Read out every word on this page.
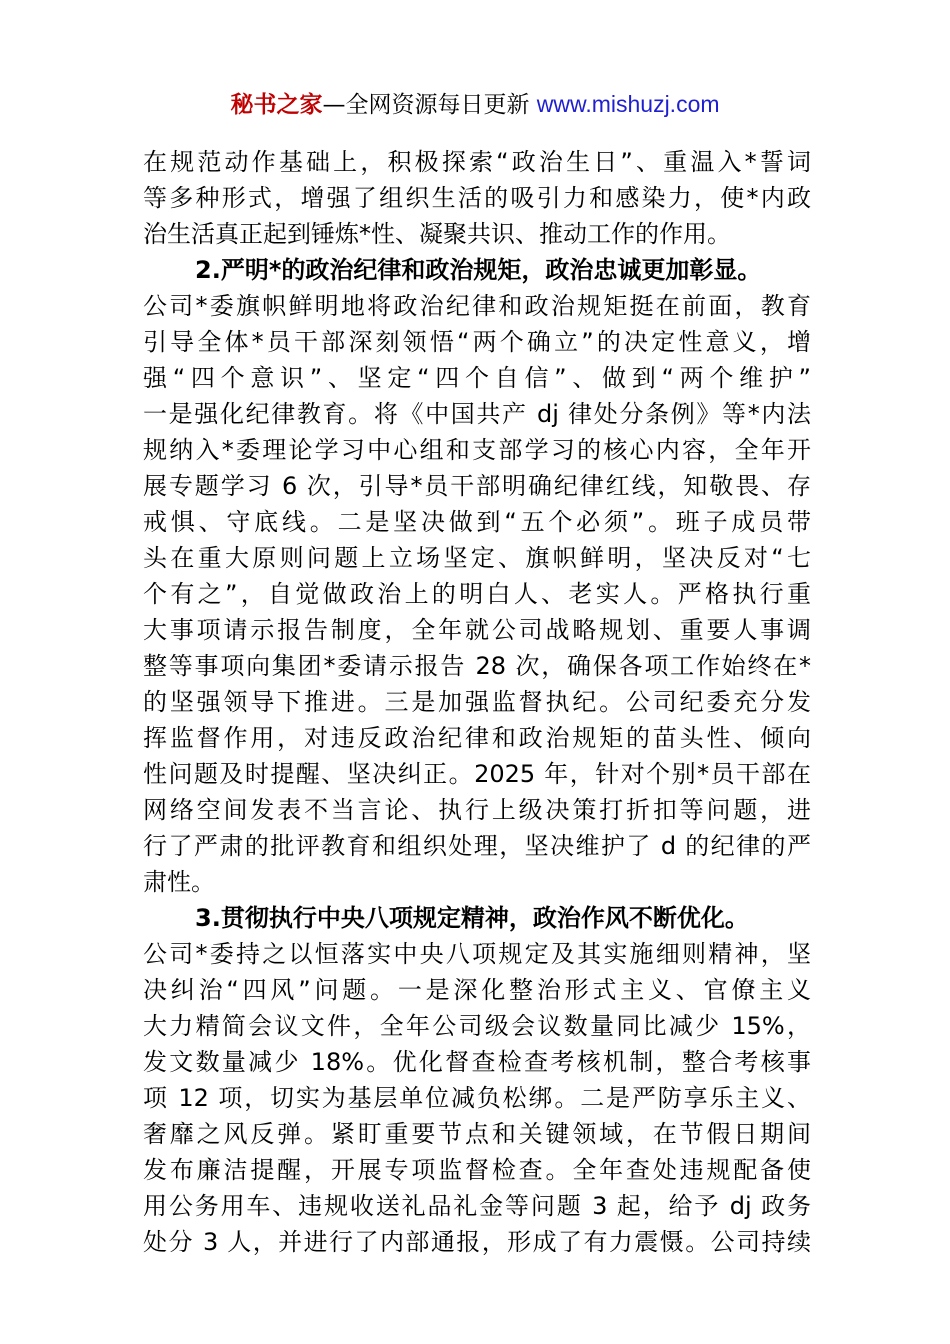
秘书之家—全网资源每日更新 www.mishuzj.com
在规范动作基础上，积极探索“政治生日”、重温入*誓词
等多种形式，增强了组织生活的吸引力和感染力，使*内政
治生活真正起到锤炼*性、凝聚共识、推动工作的作用。
2.严明*的政治纪律和政治规矩，政治忠诚更加彰显。
公司*委旗帜鲜明地将政治纪律和政治规矩挺在前面，教育
引导全体*员干部深刻领悟“两个确立”的决定性意义，增
强“四个意识”、坚定“四个自信”、做到“两个维护”
一是强化纪律教育。将《中国共产 dj 律处分条例》等*内法
规纳入*委理论学习中心组和支部学习的核心内容，全年开
展专题学习 6 次，引导*员干部明确纪律红线，知敬畏、存
戒惧、守底线。二是坚决做到“五个必须”。班子成员带
头在重大原则问题上立场坚定、旗帜鲜明，坚决反对“七
个有之”，自觉做政治上的明白人、老实人。严格执行重
大事项请示报告制度，全年就公司战略规划、重要人事调
整等事项向集团*委请示报告 28 次，确保各项工作始终在*
的坚强领导下推进。三是加强监督执纪。公司纪委充分发
挥监督作用，对违反政治纪律和政治规矩的苗头性、倾向
性问题及时提醒、坚决纠正。2025 年，针对个别*员干部在
网络空间发表不当言论、执行上级决策打折扣等问题，进
行了严肃的批评教育和组织处理，坚决维护了 d 的纪律的严
肃性。
3.贯彻执行中央八项规定精神，政治作风不断优化。
公司*委持之以恒落实中央八项规定及其实施细则精神，坚
决纠治“四风”问题。一是深化整治形式主义、官僚主义
大力精简会议文件，全年公司级会议数量同比减少 15%，
发文数量减少 18%。优化督查检查考核机制，整合考核事
项 12 项，切实为基层单位减负松绑。二是严防享乐主义、
奢靡之风反弹。紧盯重要节点和关键领域，在节假日期间
发布廉洁提醒，开展专项监督检查。全年查处违规配备使
用公务用车、违规收送礼品礼金等问题 3 起，给予 dj 政务
处分 3 人，并进行了内部通报，形成了有力震慑。公司持续
